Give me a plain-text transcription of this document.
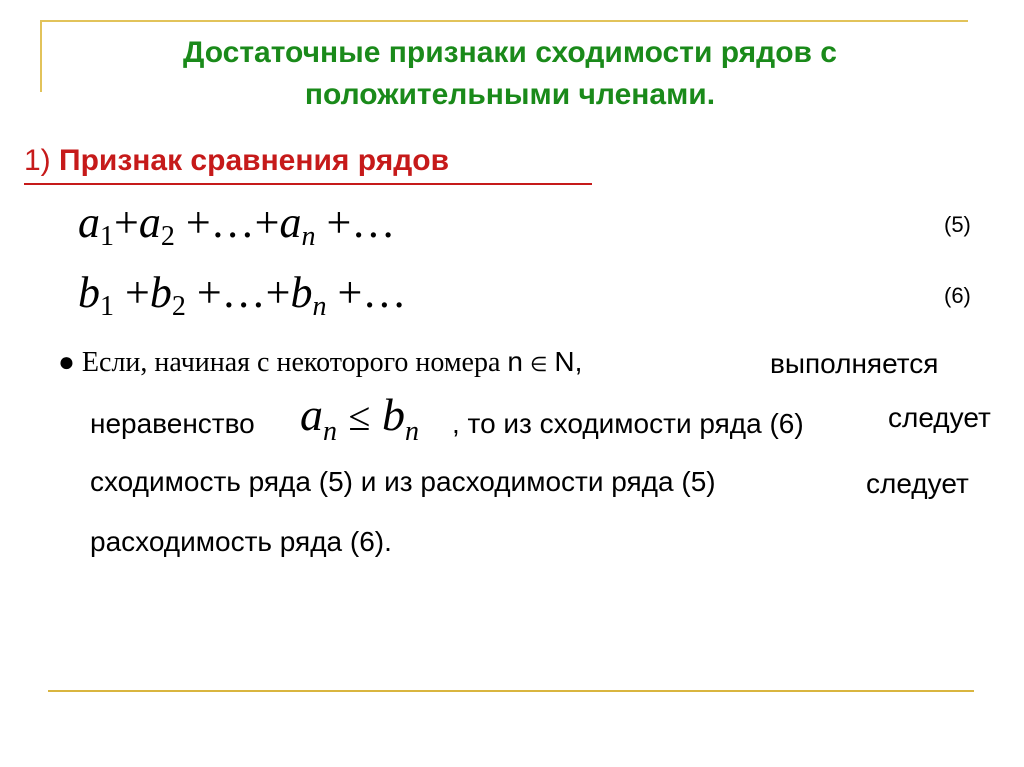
Достаточные признаки сходимости рядов с
положительными членами.
1) Признак сравнения рядов
$a_1+a_2$ $+\dots+a_n$ +…	(5)
$b_1 +b_2$ $+\dots+b_n$ +…	(6)
● Если, начиная с некоторого номера n ∈ N,	выполняется
неравенство $a_n \le b_n$ , то из сходимости ряда (6)	следует
сходимость ряда (5) и из расходимости ряда (5)	следует
расходимость ряда (6).
